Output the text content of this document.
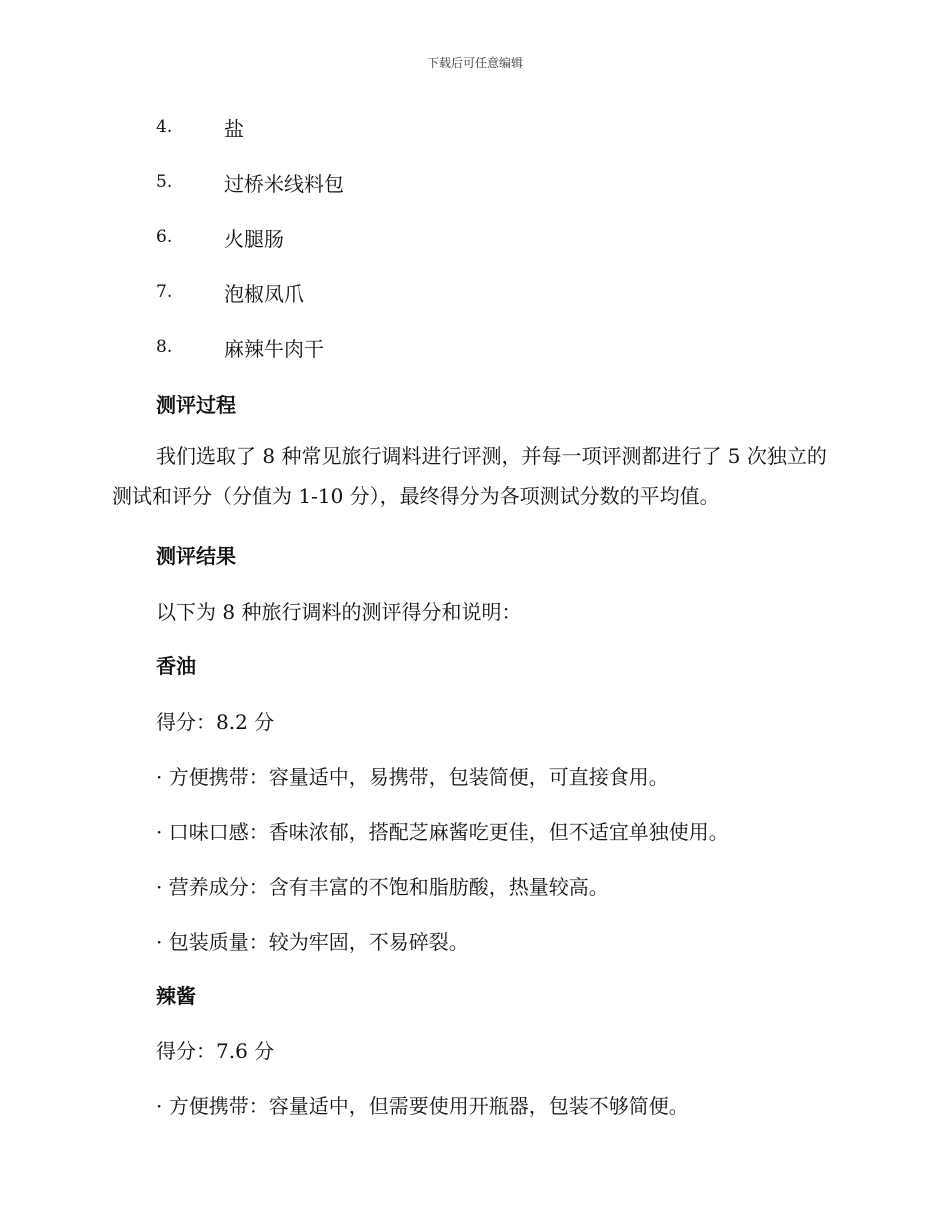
下载后可任意编辑
4.	盐
5.	过桥米线料包
6.	火腿肠
7.	泡椒凤爪
8.	麻辣牛肉干
测评过程
我们选取了 8 种常见旅行调料进行评测，并每一项评测都进行了 5 次独立的测试和评分（分值为 1-10 分），最终得分为各项测试分数的平均值。
测评结果
以下为 8 种旅行调料的测评得分和说明：
香油
得分：8.2 分
· 方便携带：容量适中，易携带，包装简便，可直接食用。
· 口味口感：香味浓郁，搭配芝麻酱吃更佳，但不适宜单独使用。
· 营养成分：含有丰富的不饱和脂肪酸，热量较高。
· 包装质量：较为牢固，不易碎裂。
辣酱
得分：7.6 分
· 方便携带：容量适中，但需要使用开瓶器，包装不够简便。
